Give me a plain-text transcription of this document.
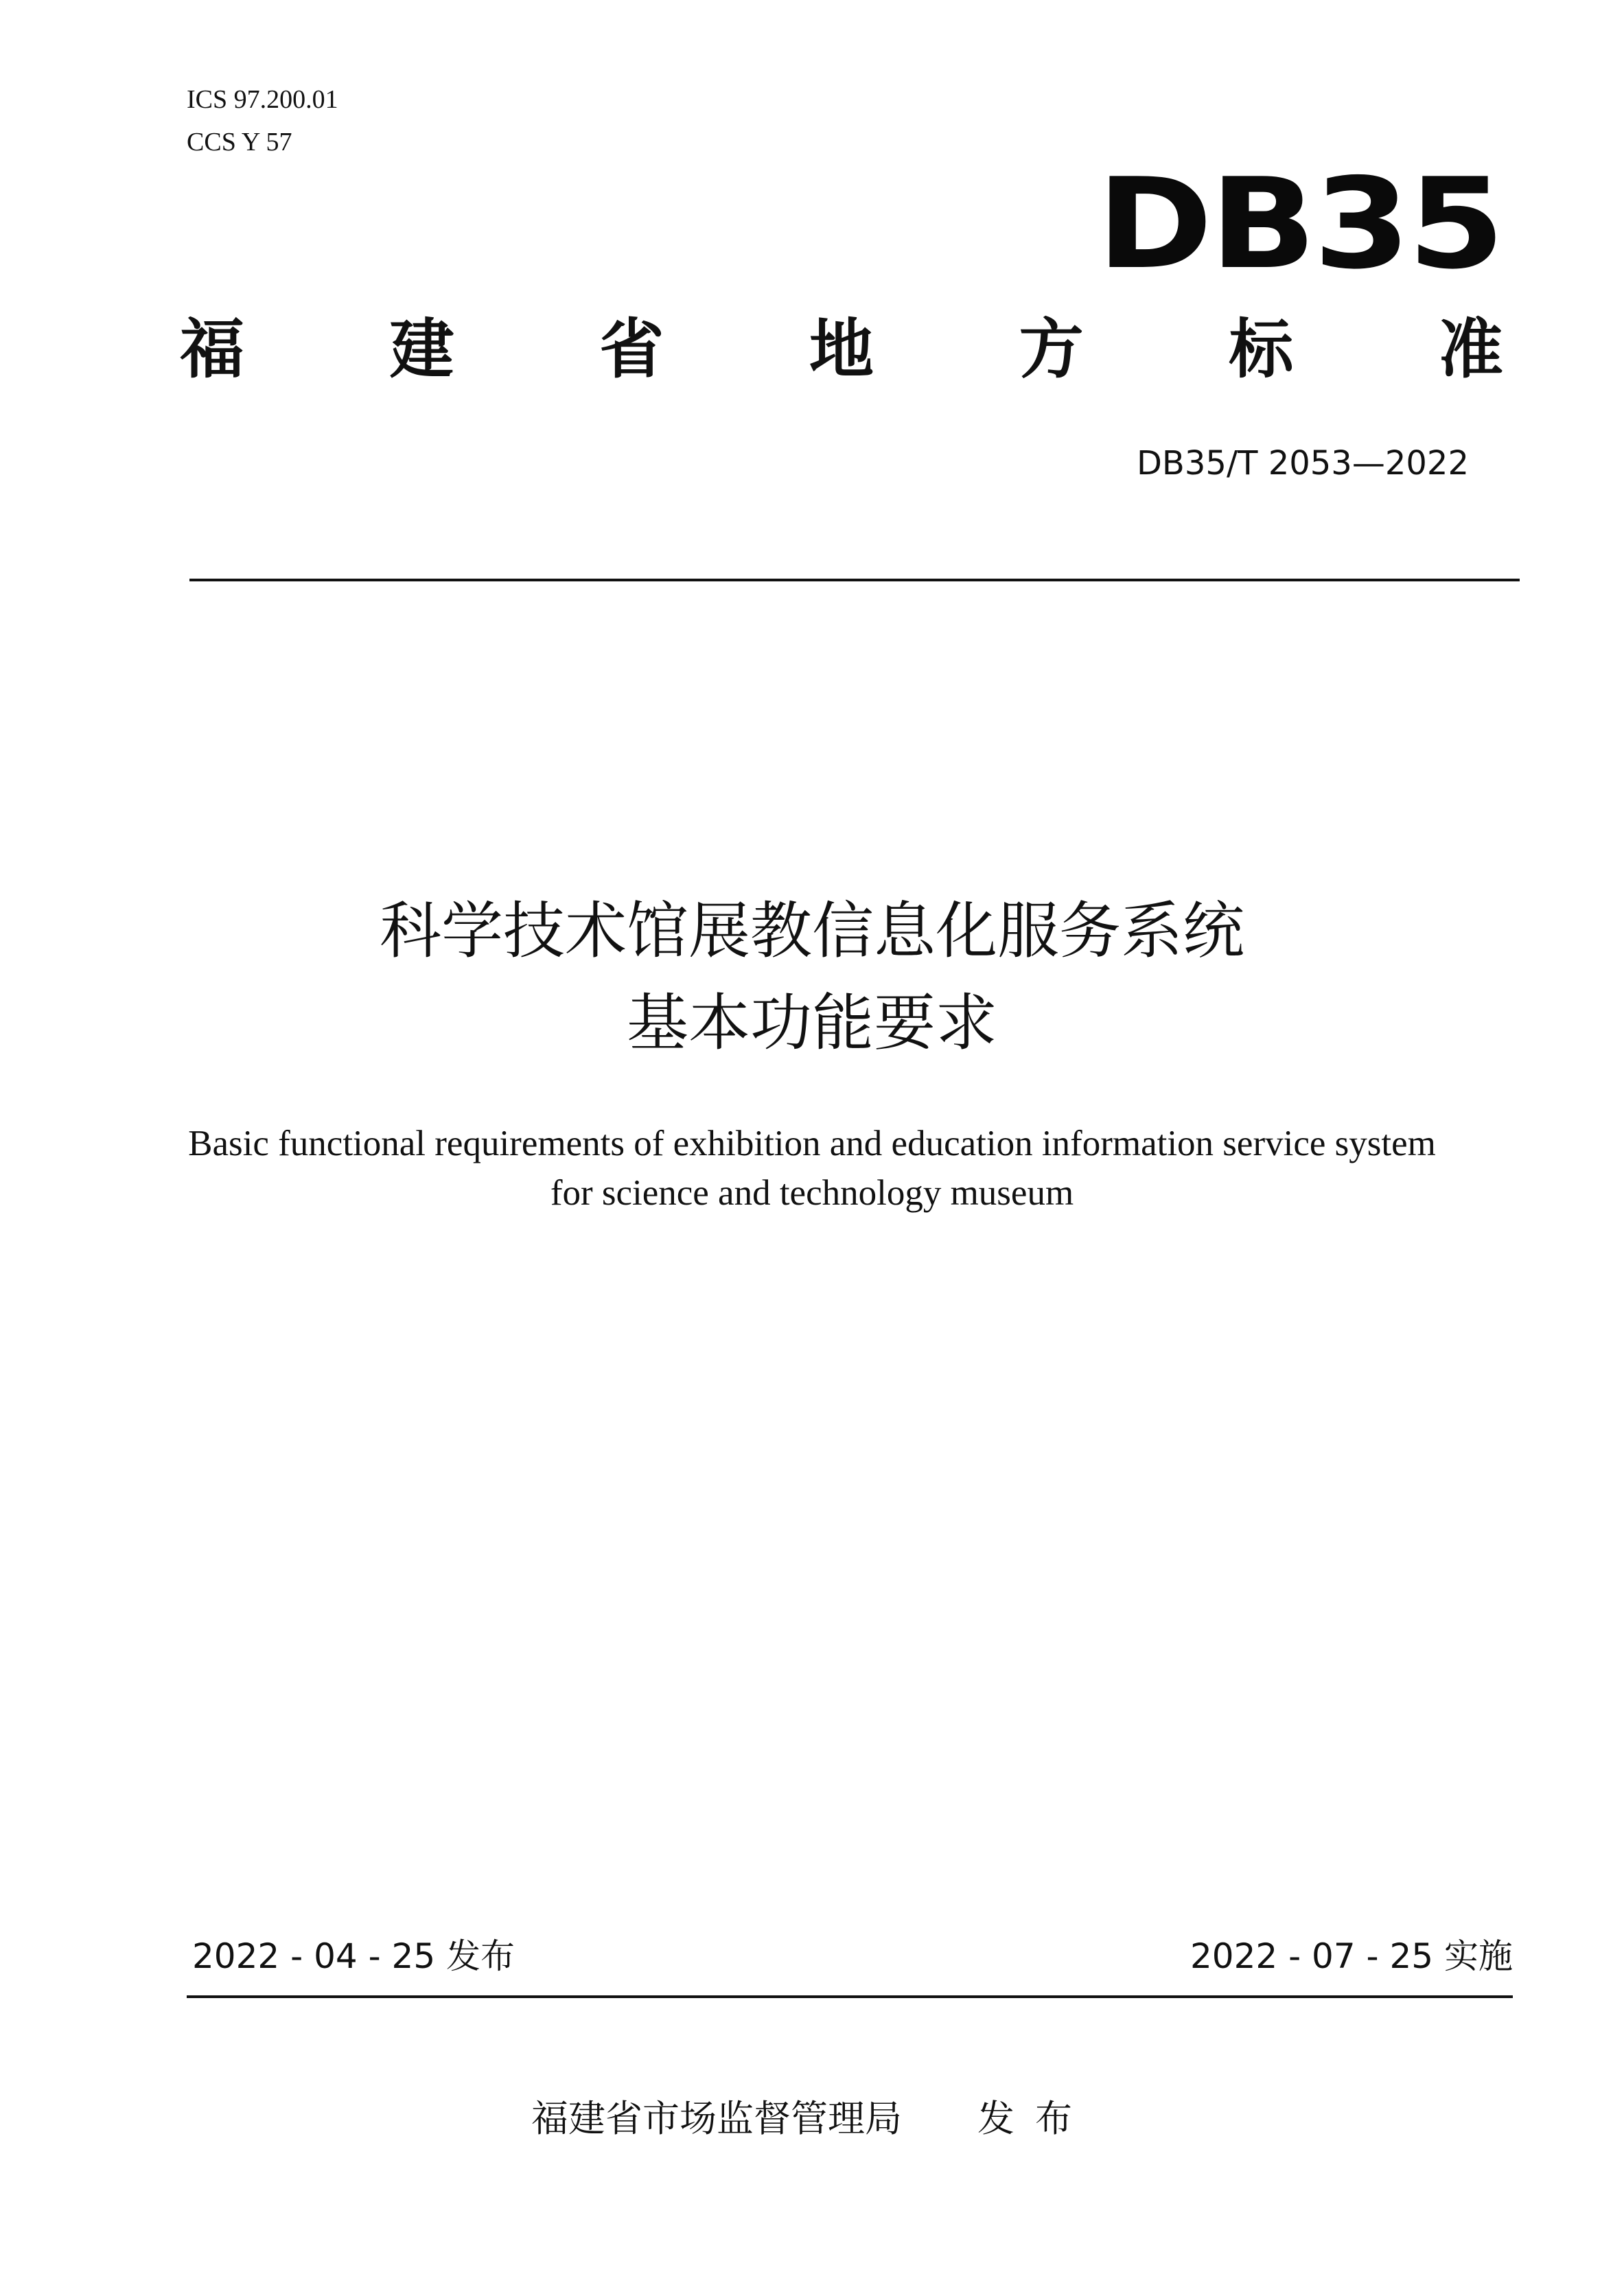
ICS 97.200.01
CCS Y 57
DB35
福 建 省 地 方 标 准
DB35/T 2053—2022
科学技术馆展教信息化服务系统
基本功能要求
Basic functional requirements of exhibition and education information service system
for science and technology museum
2022 - 04 - 25 发布	2022 - 07 - 25 实施
福建省市场监督管理局 发布
